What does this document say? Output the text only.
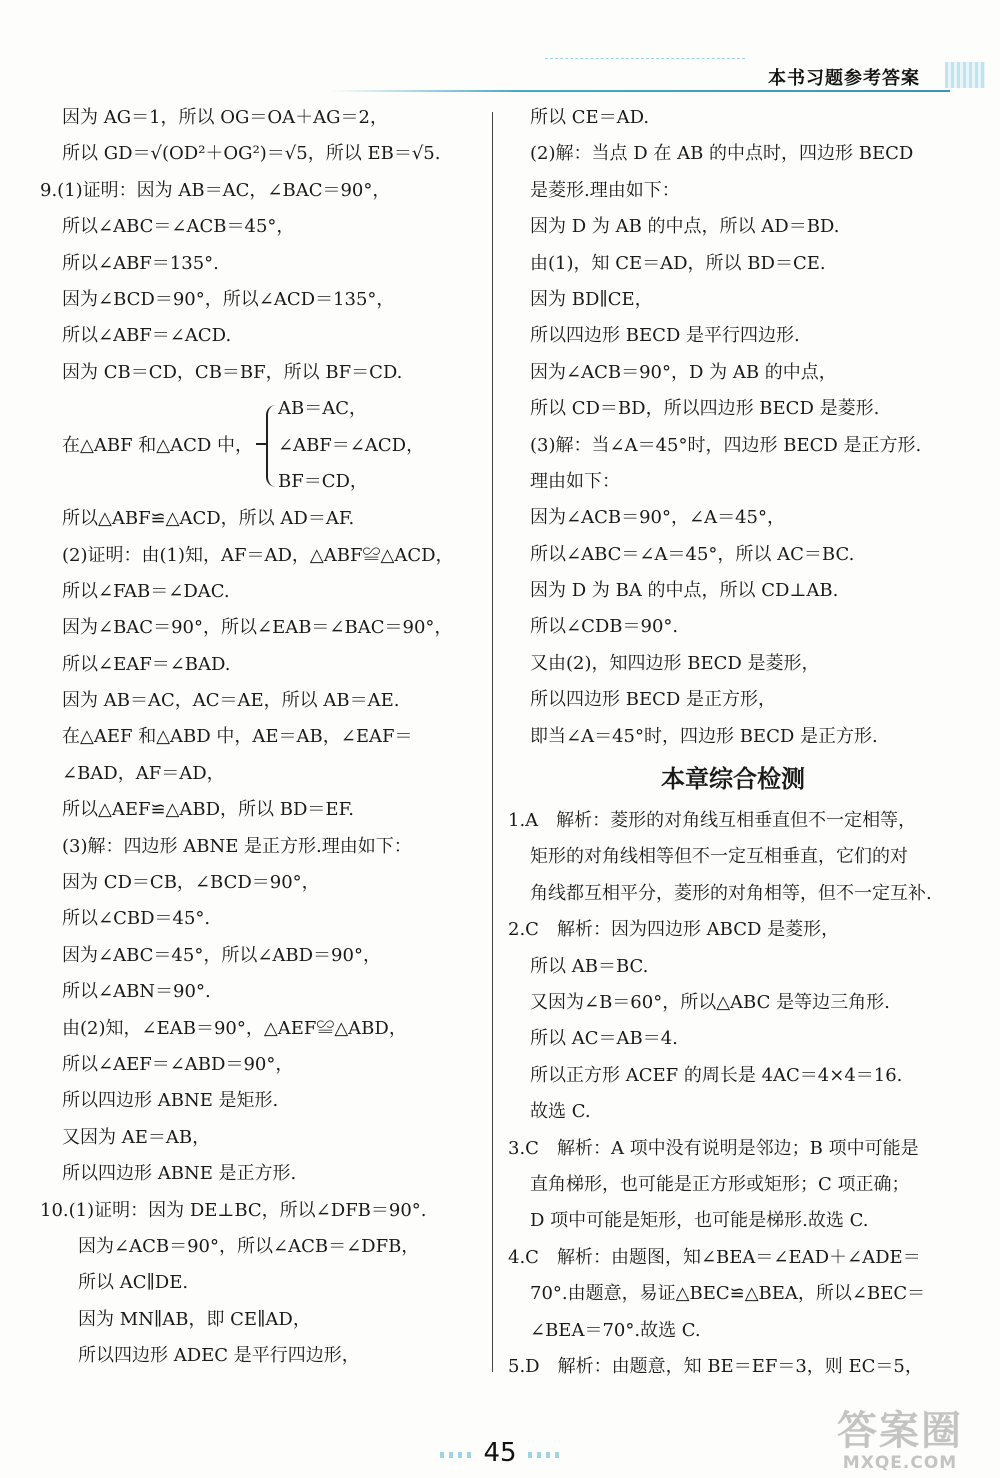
本书习题参考答案
因为 AG＝1，所以 OG＝OA＋AG＝2，
所以 GD＝√(OD²＋OG²)＝√5，所以 EB＝√5.
9.(1)证明：因为 AB＝AC，∠BAC＝90°，
所以∠ABC＝∠ACB＝45°，
所以∠ABF＝135°.
因为∠BCD＝90°，所以∠ACD＝135°，
所以∠ABF＝∠ACD.
因为 CB＝CD，CB＝BF，所以 BF＝CD.
在△ABF 和△ACD 中，
AB＝AC，
∠ABF＝∠ACD，
BF＝CD，
所以△ABF≌△ACD，所以 AD＝AF.
(2)证明：由(1)知，AF＝AD，△ABF≌△ACD，
所以∠FAB＝∠DAC.
因为∠BAC＝90°，所以∠EAB＝∠BAC＝90°，
所以∠EAF＝∠BAD.
因为 AB＝AC，AC＝AE，所以 AB＝AE.
在△AEF 和△ABD 中，AE＝AB，∠EAF＝
∠BAD，AF＝AD，
所以△AEF≌△ABD，所以 BD＝EF.
(3)解：四边形 ABNE 是正方形.理由如下：
因为 CD＝CB，∠BCD＝90°，
所以∠CBD＝45°.
因为∠ABC＝45°，所以∠ABD＝90°，
所以∠ABN＝90°.
由(2)知，∠EAB＝90°，△AEF≌△ABD，
所以∠AEF＝∠ABD＝90°，
所以四边形 ABNE 是矩形.
又因为 AE＝AB，
所以四边形 ABNE 是正方形.
10.(1)证明：因为 DE⊥BC，所以∠DFB＝90°.
因为∠ACB＝90°，所以∠ACB＝∠DFB，
所以 AC∥DE.
因为 MN∥AB，即 CE∥AD，
所以四边形 ADEC 是平行四边形，
所以 CE＝AD.
(2)解：当点 D 在 AB 的中点时，四边形 BECD
是菱形.理由如下：
因为 D 为 AB 的中点，所以 AD＝BD.
由(1)，知 CE＝AD，所以 BD＝CE.
因为 BD∥CE，
所以四边形 BECD 是平行四边形.
因为∠ACB＝90°，D 为 AB 的中点，
所以 CD＝BD，所以四边形 BECD 是菱形.
(3)解：当∠A＝45°时，四边形 BECD 是正方形.
理由如下：
因为∠ACB＝90°，∠A＝45°，
所以∠ABC＝∠A＝45°，所以 AC＝BC.
因为 D 为 BA 的中点，所以 CD⊥AB.
所以∠CDB＝90°.
又由(2)，知四边形 BECD 是菱形，
所以四边形 BECD 是正方形，
即当∠A＝45°时，四边形 BECD 是正方形.
本章综合检测
1.A　解析：菱形的对角线互相垂直但不一定相等，
矩形的对角线相等但不一定互相垂直，它们的对
角线都互相平分，菱形的对角相等，但不一定互补.
2.C　解析：因为四边形 ABCD 是菱形，
所以 AB＝BC.
又因为∠B＝60°，所以△ABC 是等边三角形.
所以 AC＝AB＝4.
所以正方形 ACEF 的周长是 4AC＝4×4＝16.
故选 C.
3.C　解析：A 项中没有说明是邻边；B 项中可能是
直角梯形，也可能是正方形或矩形；C 项正确；
D 项中可能是矩形，也可能是梯形.故选 C.
4.C　解析：由题图，知∠BEA＝∠EAD＋∠ADE＝
70°.由题意，易证△BEC≌△BEA，所以∠BEC＝
∠BEA＝70°.故选 C.
5.D　解析：由题意，知 BE＝EF＝3，则 EC＝5，
45	答案圈
MXQE.COM
